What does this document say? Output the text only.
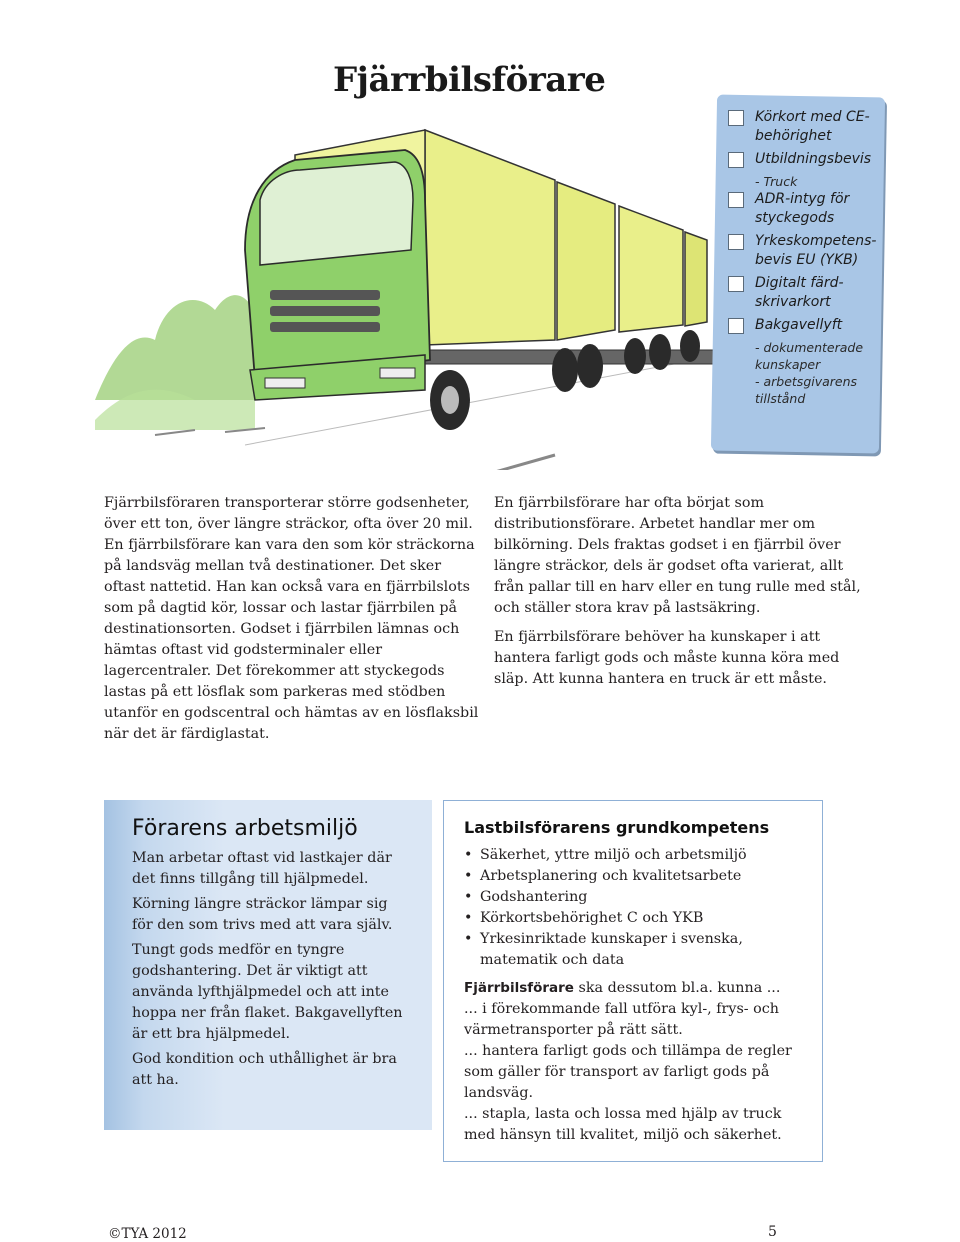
Fjärrbilsförare
Körkort med CE-behörighet
Utbildningsbevis
- Truck
ADR-intyg för styckegods
Yrkeskompetens-bevis EU (YKB)
Digitalt färd-skrivarkort
Bakgavellyft
- dokumenterade kunskaper
- arbetsgivarens tillstånd

Fjärrbilsföraren transporterar större godsenheter, över ett ton, över längre sträckor, ofta över 20 mil. En fjärrbilsförare kan vara den som kör sträckorna på landsväg mellan två destinationer. Det sker oftast nattetid. Han kan också vara en fjärrbilslots som på dagtid kör, lossar och lastar fjärrbilen på destinationsorten. Godset i fjärrbilen lämnas och hämtas oftast vid godsterminaler eller lagercentraler. Det förekommer att styckegods lastas på ett lösflak som parkeras med stödben utanför en godscentral och hämtas av en lösflaksbil när det är färdiglastat.

En fjärrbilsförare har ofta börjat som distributionsförare. Arbetet handlar mer om bilkörning. Dels fraktas godset i en fjärrbil över längre sträckor, dels är godset ofta varierat, allt från pallar till en harv eller en tung rulle med stål, och ställer stora krav på lastsäkring.

En fjärrbilsförare behöver ha kunskaper i att hantera farligt gods och måste kunna köra med släp. Att kunna hantera en truck är ett måste.

Förarens arbetsmiljö

Man arbetar oftast vid lastkajer där det finns tillgång till hjälpmedel.

Körning längre sträckor lämpar sig för den som trivs med att vara själv.

Tungt gods medför en tyngre godshantering. Det är viktigt att använda lyfthjälpmedel och att inte hoppa ner från flaket. Bakgavellyften är ett bra hjälpmedel.

God kondition och uthållighet är bra att ha.

Lastbilsförarens grundkompetens
• Säkerhet, yttre miljö och arbetsmiljö
• Arbetsplanering och kvalitetsarbete
• Godshantering
• Körkortsbehörighet C och YKB
• Yrkesinriktade kunskaper i svenska, matematik och data

Fjärrbilsförare ska dessutom bl.a. kunna ...

... i förekommande fall utföra kyl-, frys- och värmetransporter på rätt sätt.

... hantera farligt gods och tillämpa de regler som gäller för transport av farligt gods på landsväg.

... stapla, lasta och lossa med hjälp av truck med hänsyn till kvalitet, miljö och säkerhet.

©TYA 2012	5
